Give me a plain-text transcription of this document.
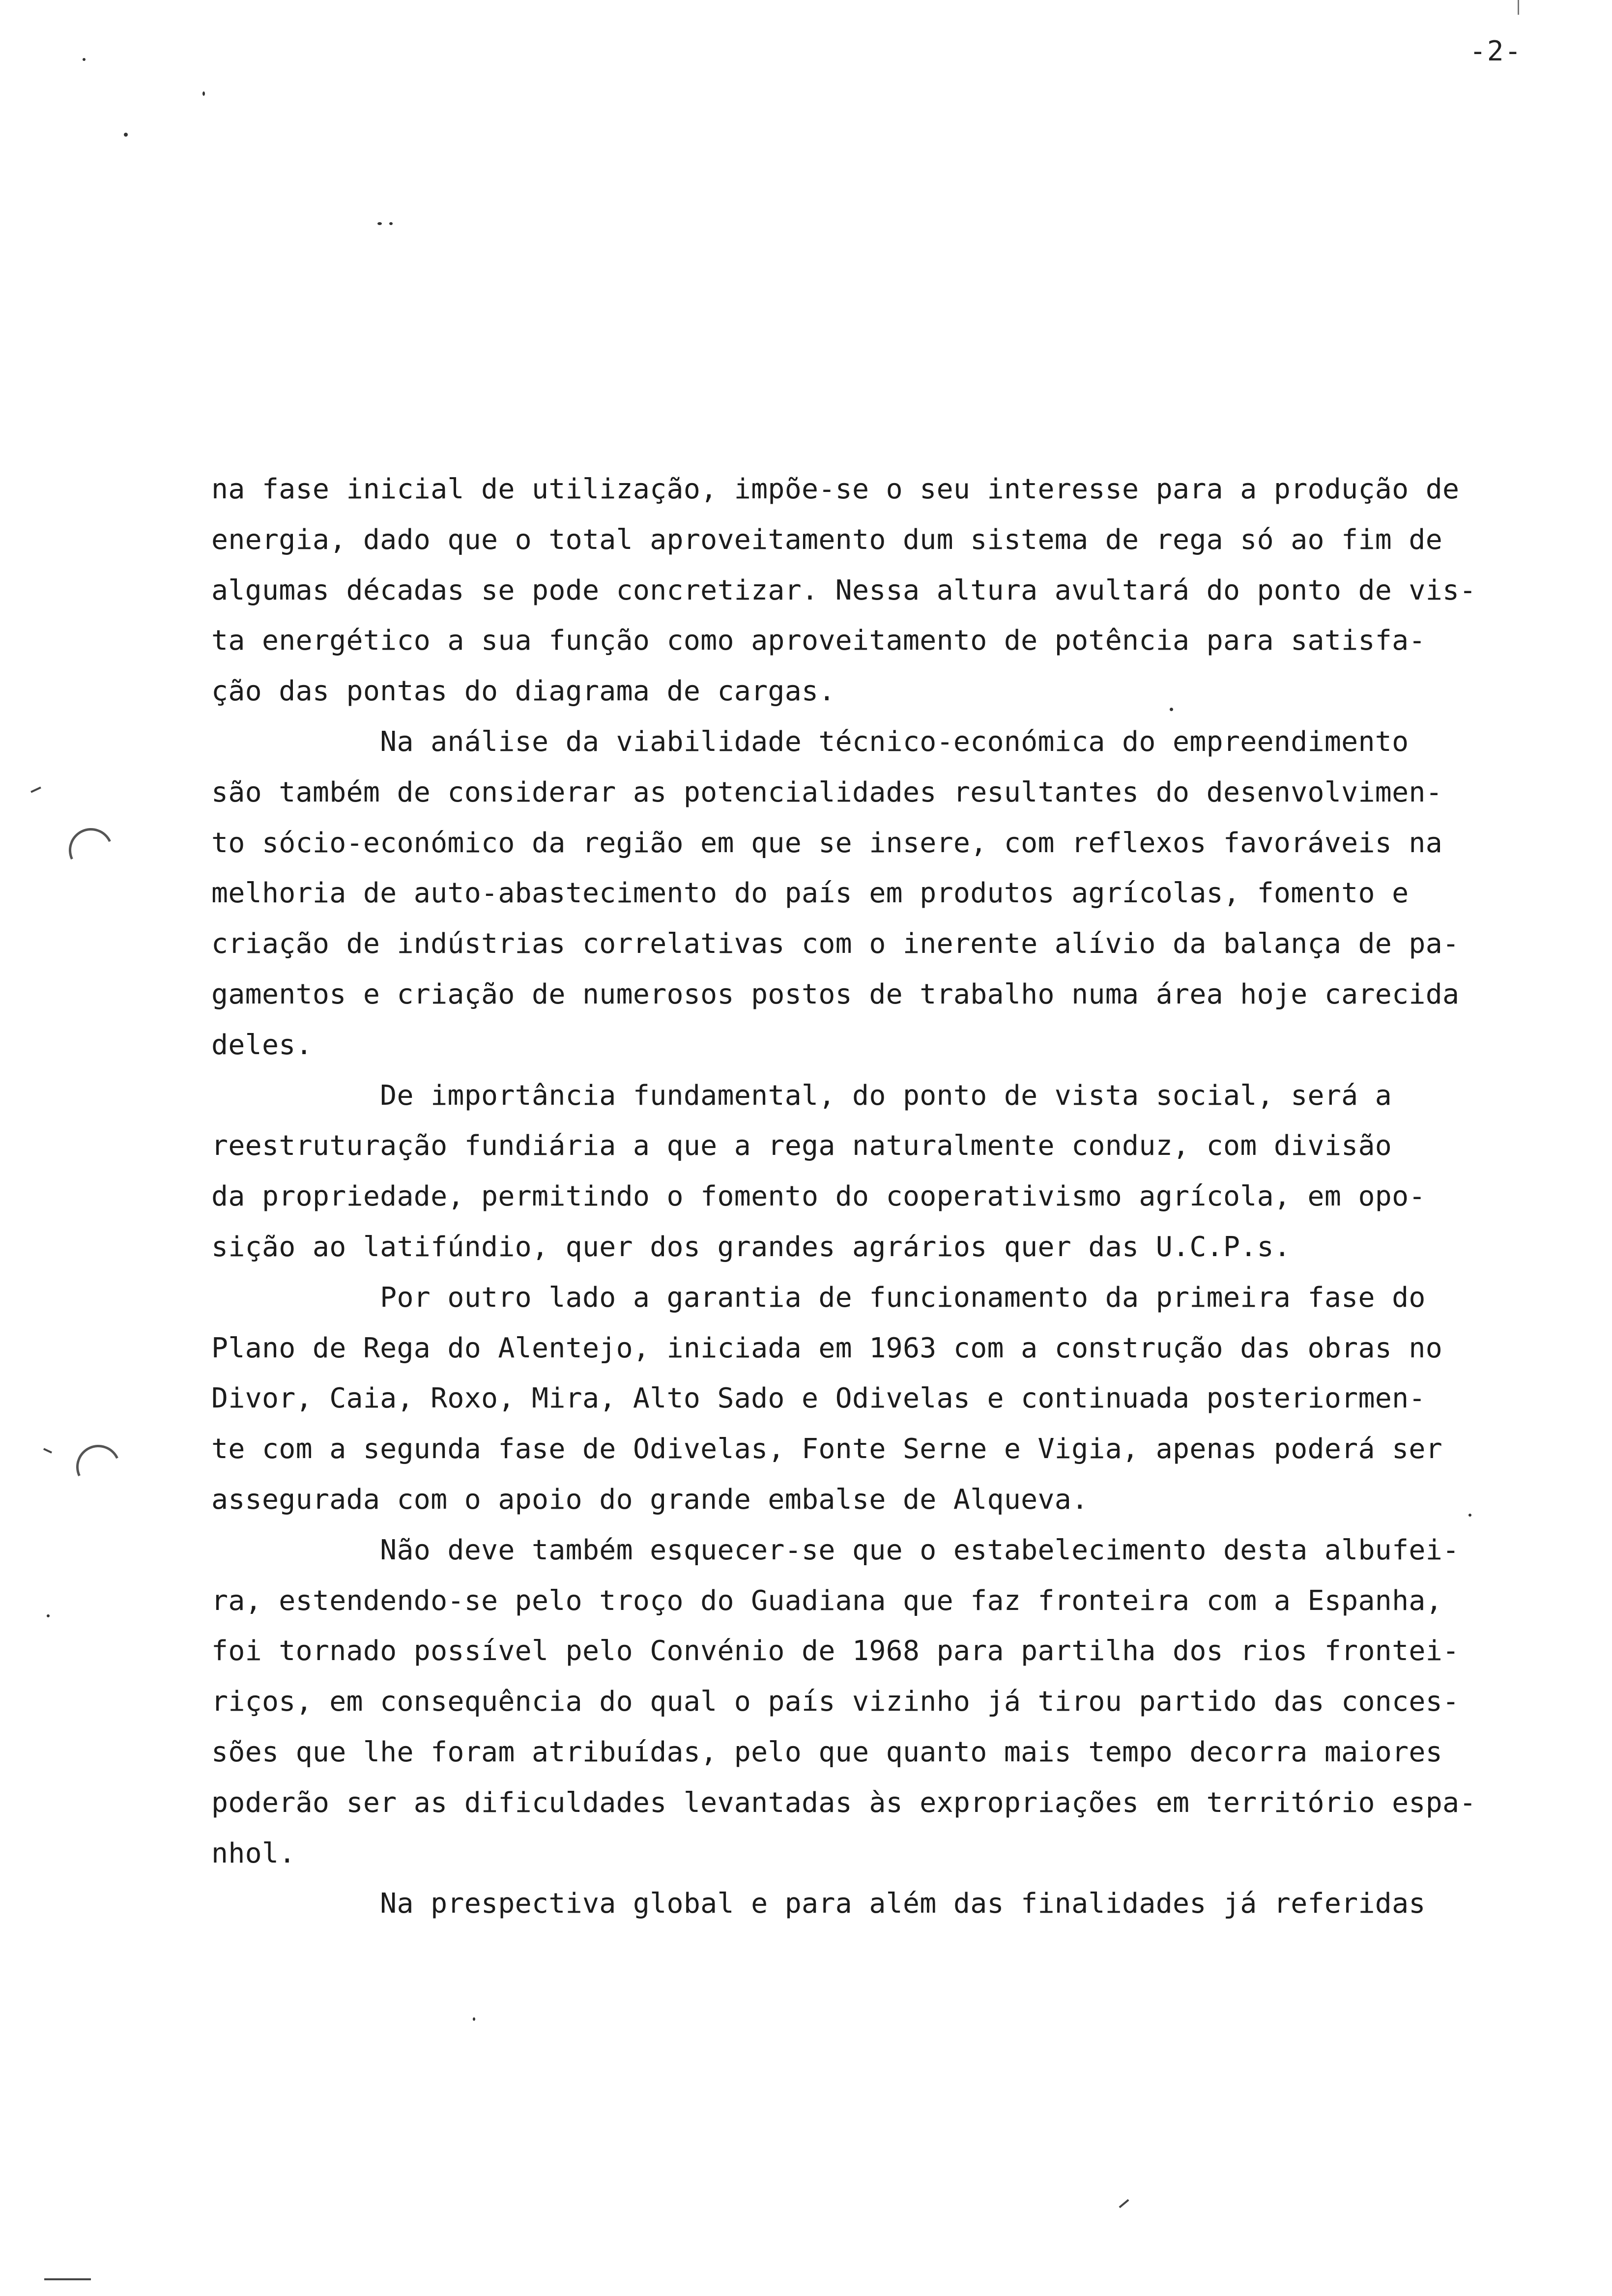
-2-
na fase inicial de utilização, impõe-se o seu interesse para a produção de
energia, dado que o total aproveitamento dum sistema de rega só ao fim de
algumas décadas se pode concretizar. Nessa altura avultará do ponto de vis-
ta energético a sua função como aproveitamento de potência para satisfa-
ção das pontas do diagrama de cargas.
Na análise da viabilidade técnico-económica do empreendimento
são também de considerar as potencialidades resultantes do desenvolvimen-
to sócio-económico da região em que se insere, com reflexos favoráveis na
melhoria de auto-abastecimento do país em produtos agrícolas, fomento e
criação de indústrias correlativas com o inerente alívio da balança de pa-
gamentos e criação de numerosos postos de trabalho numa área hoje carecida
deles.
De importância fundamental, do ponto de vista social, será a
reestruturação fundiária a que a rega naturalmente conduz, com divisão
da propriedade, permitindo o fomento do cooperativismo agrícola, em opo-
sição ao latifúndio, quer dos grandes agrários quer das U.C.P.s.
Por outro lado a garantia de funcionamento da primeira fase do
Plano de Rega do Alentejo, iniciada em 1963 com a construção das obras no
Divor, Caia, Roxo, Mira, Alto Sado e Odivelas e continuada posteriormen-
te com a segunda fase de Odivelas, Fonte Serne e Vigia, apenas poderá ser
assegurada com o apoio do grande embalse de Alqueva.
Não deve também esquecer-se que o estabelecimento desta albufei-
ra, estendendo-se pelo troço do Guadiana que faz fronteira com a Espanha,
foi tornado possível pelo Convénio de 1968 para partilha dos rios frontei-
riços, em consequência do qual o país vizinho já tirou partido das conces-
sões que lhe foram atribuídas, pelo que quanto mais tempo decorra maiores
poderão ser as dificuldades levantadas às expropriações em território espa-
nhol.
Na prespectiva global e para além das finalidades já referidas
